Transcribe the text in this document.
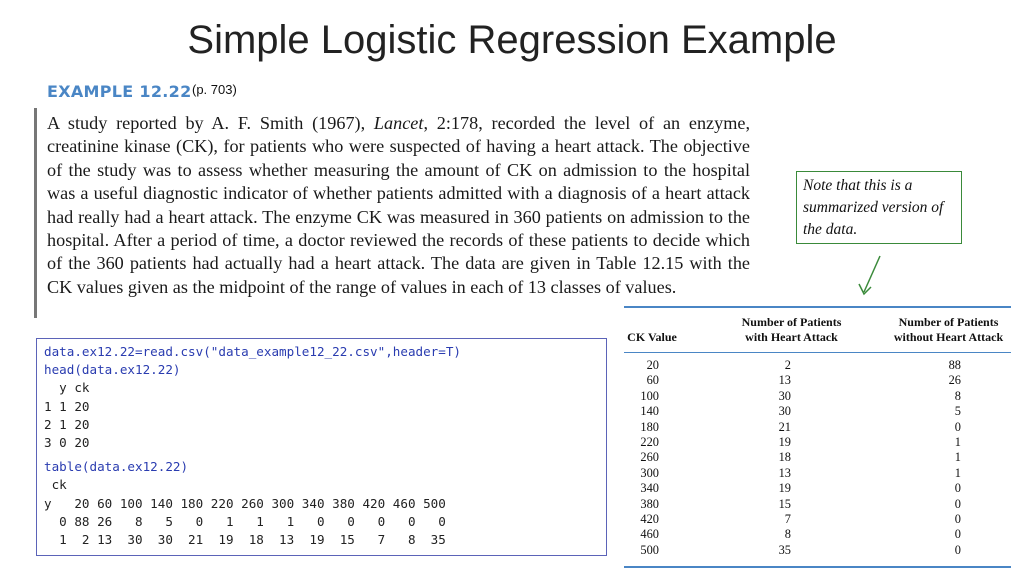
Simple Logistic Regression Example
EXAMPLE 12.22 (p. 703)

A study reported by A. F. Smith (1967), Lancet, 2:178, recorded the level of an enzyme, creatinine kinase (CK), for patients who were suspected of having a heart attack. The objective of the study was to assess whether measuring the amount of CK on admission to the hospital was a useful diagnostic indicator of whether patients admitted with a diagnosis of a heart attack had really had a heart attack. The enzyme CK was measured in 360 patients on admission to the hospital. After a period of time, a doctor reviewed the records of these patients to decide which of the 360 patients had actually had a heart attack. The data are given in Table 12.15 with the CK values given as the midpoint of the range of values in each of 13 classes of values.

Note that this is a summarized version of the data.
data.ex12.22=read.csv("data_example12_22.csv",header=T)
head(data.ex12.22)
y ck
1 1 20
2 1 20
3 0 20
table(data.ex12.22)
ck
y   20 60 100 140 180 220 260 300 340 380 420 460 500
0 88 26   8   5   0   1   1   1   0   0   0   0   0
1  2 13  30  30  21  19  18  13  19  15   7   8  35
CK Value
Number of Patients
with Heart Attack
Number of Patients
without Heart Attack
20	2	88
60	13	26
100	30	8
140	30	5
180	21	0
220	19	1
260	18	1
300	13	1
340	19	0
380	15	0
420	7	0
460	8	0
500	35	0
